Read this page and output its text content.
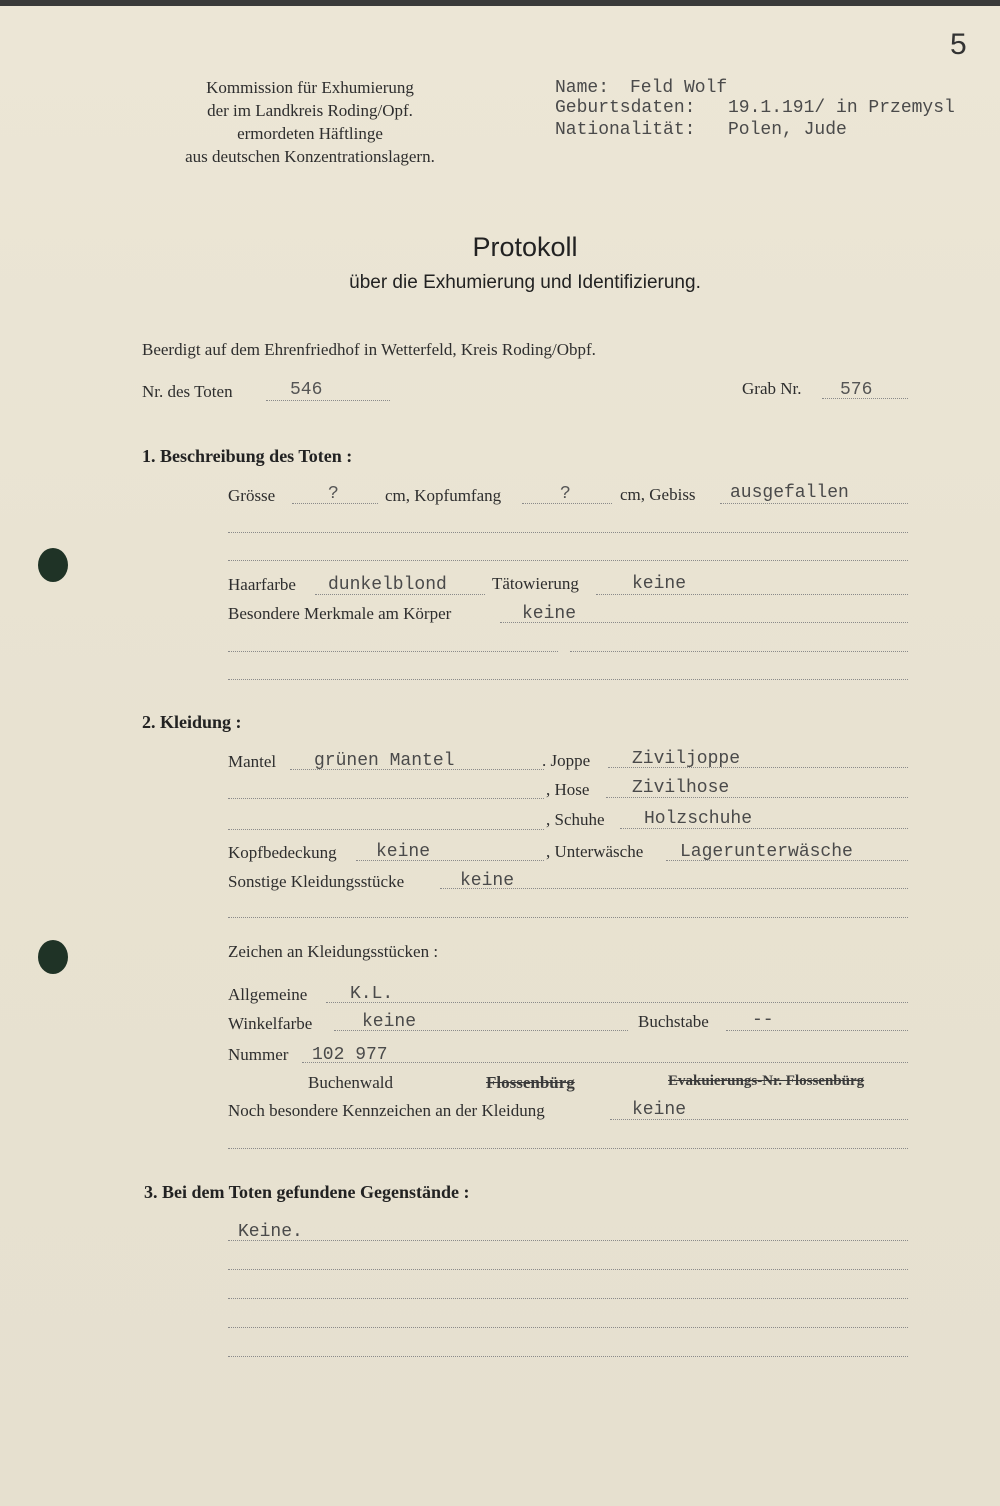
5
Kommission für Exhumierung
der im Landkreis Roding/Opf.
ermordeten Häftlinge
aus deutschen Konzentrationslagern.
Name: Feld Wolf
Geburtsdaten: 19.1.191/ in Przemysl
Nationalität: Polen, Jude
Protokoll
über die Exhumierung und Identifizierung.
Beerdigt auf dem Ehrenfriedhof in Wetterfeld, Kreis Roding/Obpf.
Nr. des Toten	546	Grab Nr. 576
1. Beschreibung des Toten :
Grösse	?	cm, Kopfumfang	?	cm, Gebiss ausgefallen
Haarfarbe dunkelblond	Tätowierung	keine
Besondere Merkmale am Körper	keine
2. Kleidung :
Mantel grünen Mantel	. Joppe Ziviljoppe
, Hose Zivilhose
, Schuhe Holzschuhe
Kopfbedeckung keine	, Unterwäsche Lagerunterwäsche
Sonstige Kleidungsstücke	keine
Zeichen an Kleidungsstücken :
Allgemeine K.L.
Winkelfarbe	keine	Buchstabe --
Nummer 102 977
Buchenwald	Flossenbürg	Evakuierungs-Nr. Flossenbürg
Noch besondere Kennzeichen an der Kleidung	keine
3. Bei dem Toten gefundene Gegenstände :
Keine.
